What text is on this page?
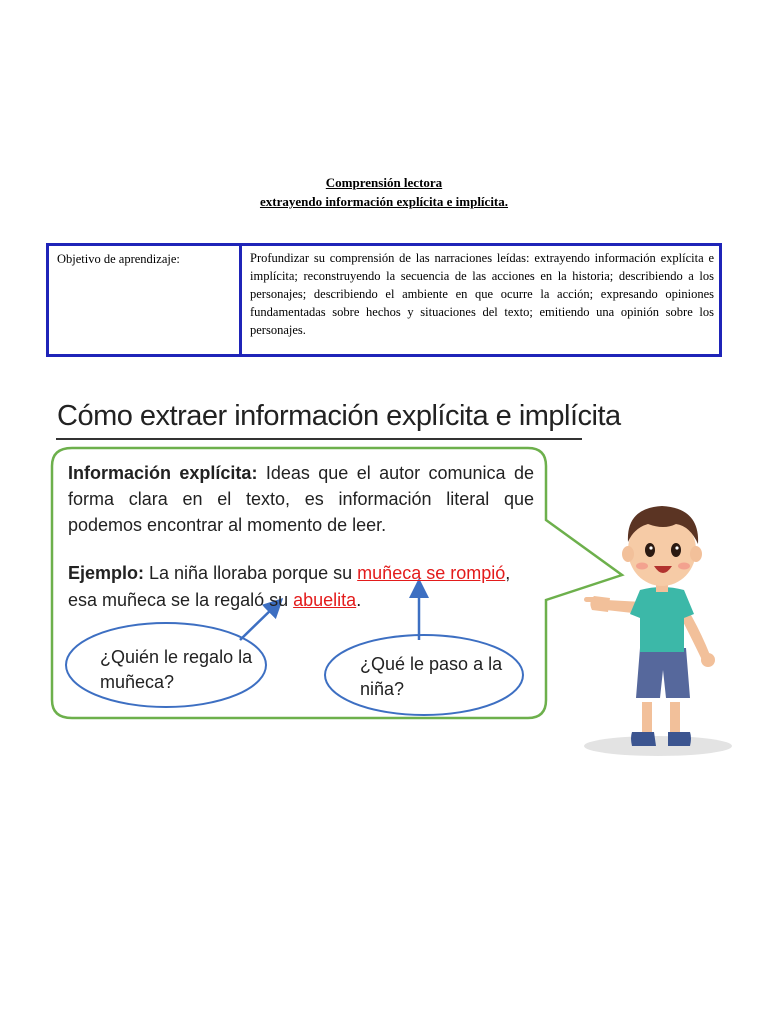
Comprensión lectora
extrayendo información explícita e implícita.
Objetivo de aprendizaje:	Profundizar su comprensión de las narraciones leídas: extrayendo información explícita e implícita; reconstruyendo la secuencia de las acciones en la historia; describiendo a los personajes; describiendo el ambiente en que ocurre la acción; expresando opiniones fundamentadas sobre hechos y situaciones del texto; emitiendo una opinión sobre los personajes.
Cómo extraer información explícita e implícita
Información explícita: Ideas que el autor comunica de forma clara en el texto, es información literal que podemos encontrar al momento de leer.
Ejemplo: La niña lloraba porque su muñeca se rompió, esa muñeca se la regaló su abuelita.
¿Quién le regalo la muñeca?
¿Qué le paso a la niña?
